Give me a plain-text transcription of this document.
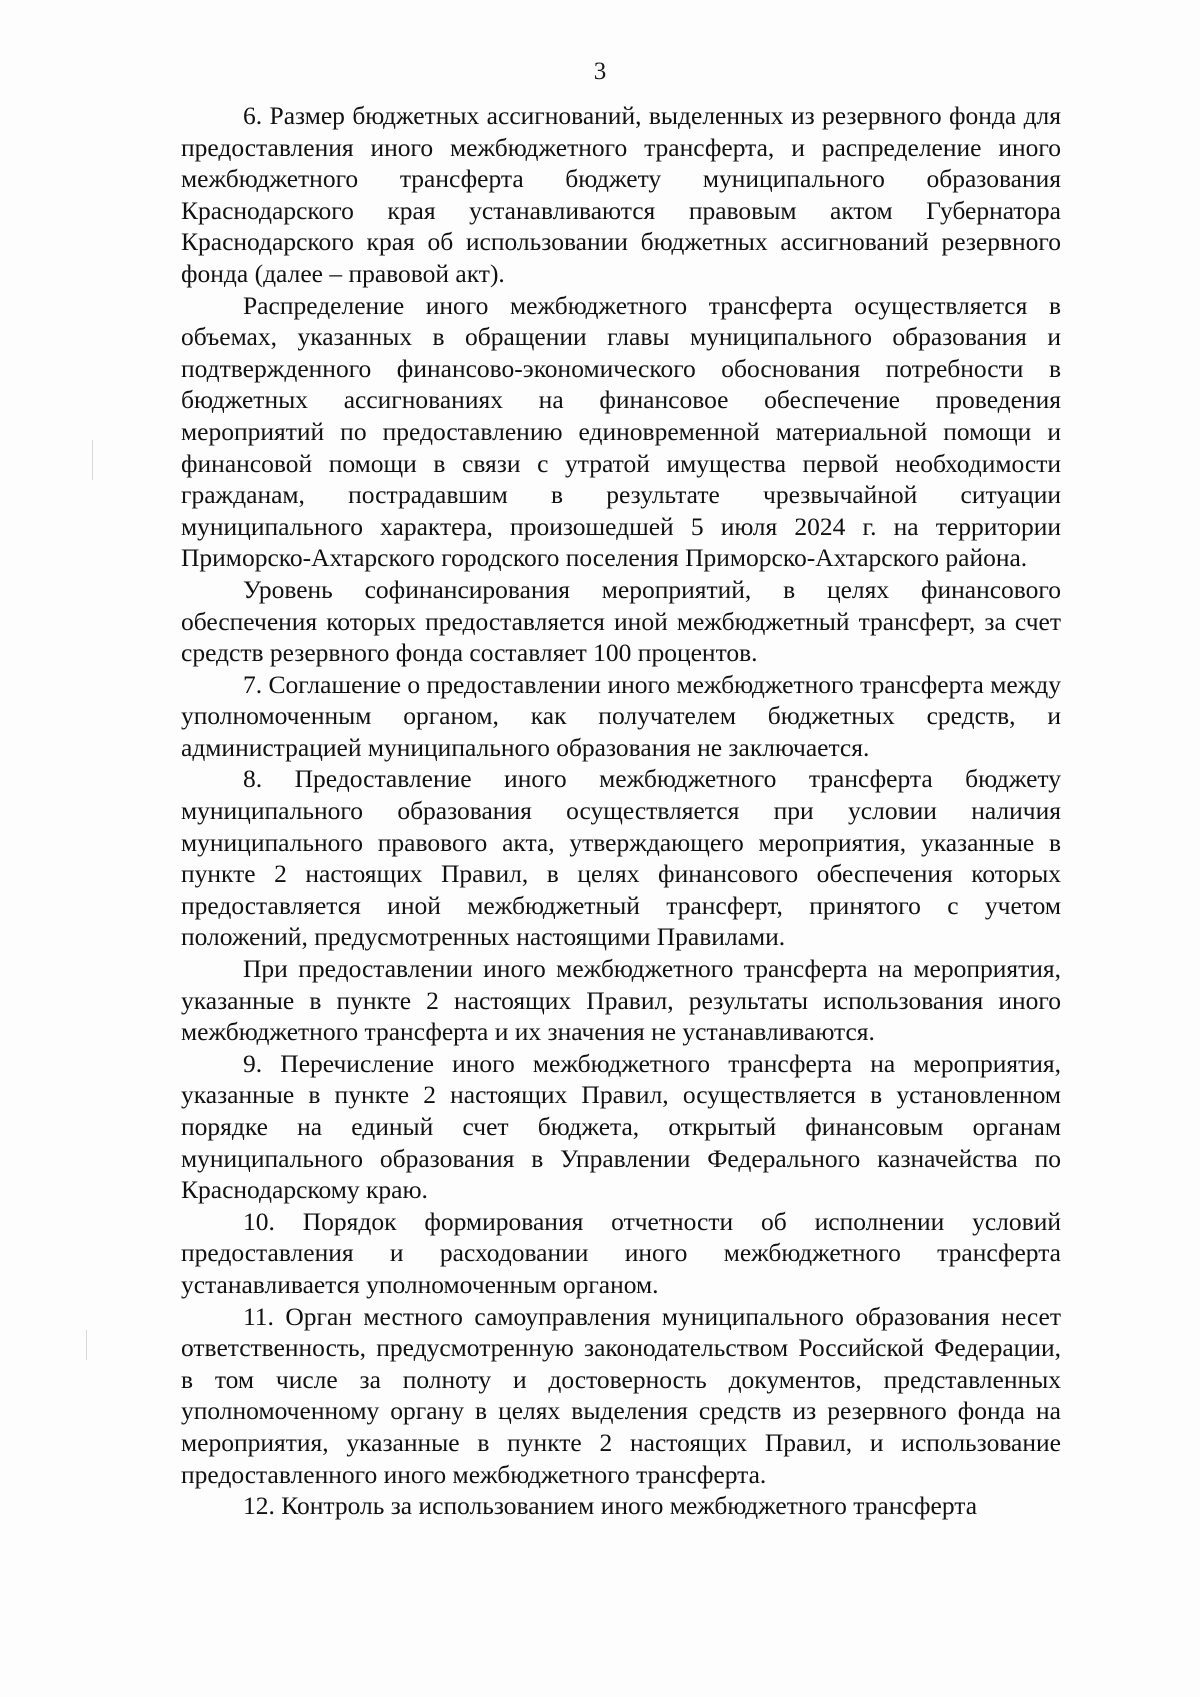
3

6. Размер бюджетных ассигнований, выделенных из резервного фонда для предоставления иного межбюджетного трансферта, и распределение иного межбюджетного трансферта бюджету муниципального образования Краснодарского края устанавливаются правовым актом Губернатора Краснодарского края об использовании бюджетных ассигнований резервного фонда (далее – правовой акт).

Распределение иного межбюджетного трансферта осуществляется в объемах, указанных в обращении главы муниципального образования и подтвержденного финансово-экономического обоснования потребности в бюджетных ассигнованиях на финансовое обеспечение проведения мероприятий по предоставлению единовременной материальной помощи и финансовой помощи в связи с утратой имущества первой необходимости гражданам, пострадавшим в результате чрезвычайной ситуации муниципального характера, произошедшей 5 июля 2024 г. на территории Приморско-Ахтарского городского поселения Приморско-Ахтарского района.

Уровень софинансирования мероприятий, в целях финансового обеспечения которых предоставляется иной межбюджетный трансферт, за счет средств резервного фонда составляет 100 процентов.

7. Соглашение о предоставлении иного межбюджетного трансферта между уполномоченным органом, как получателем бюджетных средств, и администрацией муниципального образования не заключается.

8. Предоставление иного межбюджетного трансферта бюджету муниципального образования осуществляется при условии наличия муниципального правового акта, утверждающего мероприятия, указанные в пункте 2 настоящих Правил, в целях финансового обеспечения которых предоставляется иной межбюджетный трансферт, принятого с учетом положений, предусмотренных настоящими Правилами.

При предоставлении иного межбюджетного трансферта на мероприятия, указанные в пункте 2 настоящих Правил, результаты использования иного межбюджетного трансферта и их значения не устанавливаются.

9. Перечисление иного межбюджетного трансферта на мероприятия, указанные в пункте 2 настоящих Правил, осуществляется в установленном порядке на единый счет бюджета, открытый финансовым органам муниципального образования в Управлении Федерального казначейства по Краснодарскому краю.

10. Порядок формирования отчетности об исполнении условий предоставления и расходовании иного межбюджетного трансферта устанавливается уполномоченным органом.

11. Орган местного самоуправления муниципального образования несет ответственность, предусмотренную законодательством Российской Федерации, в том числе за полноту и достоверность документов, представленных уполномоченному органу в целях выделения средств из резервного фонда на мероприятия, указанные в пункте 2 настоящих Правил, и использование предоставленного иного межбюджетного трансферта.

12. Контроль за использованием иного межбюджетного трансферта
